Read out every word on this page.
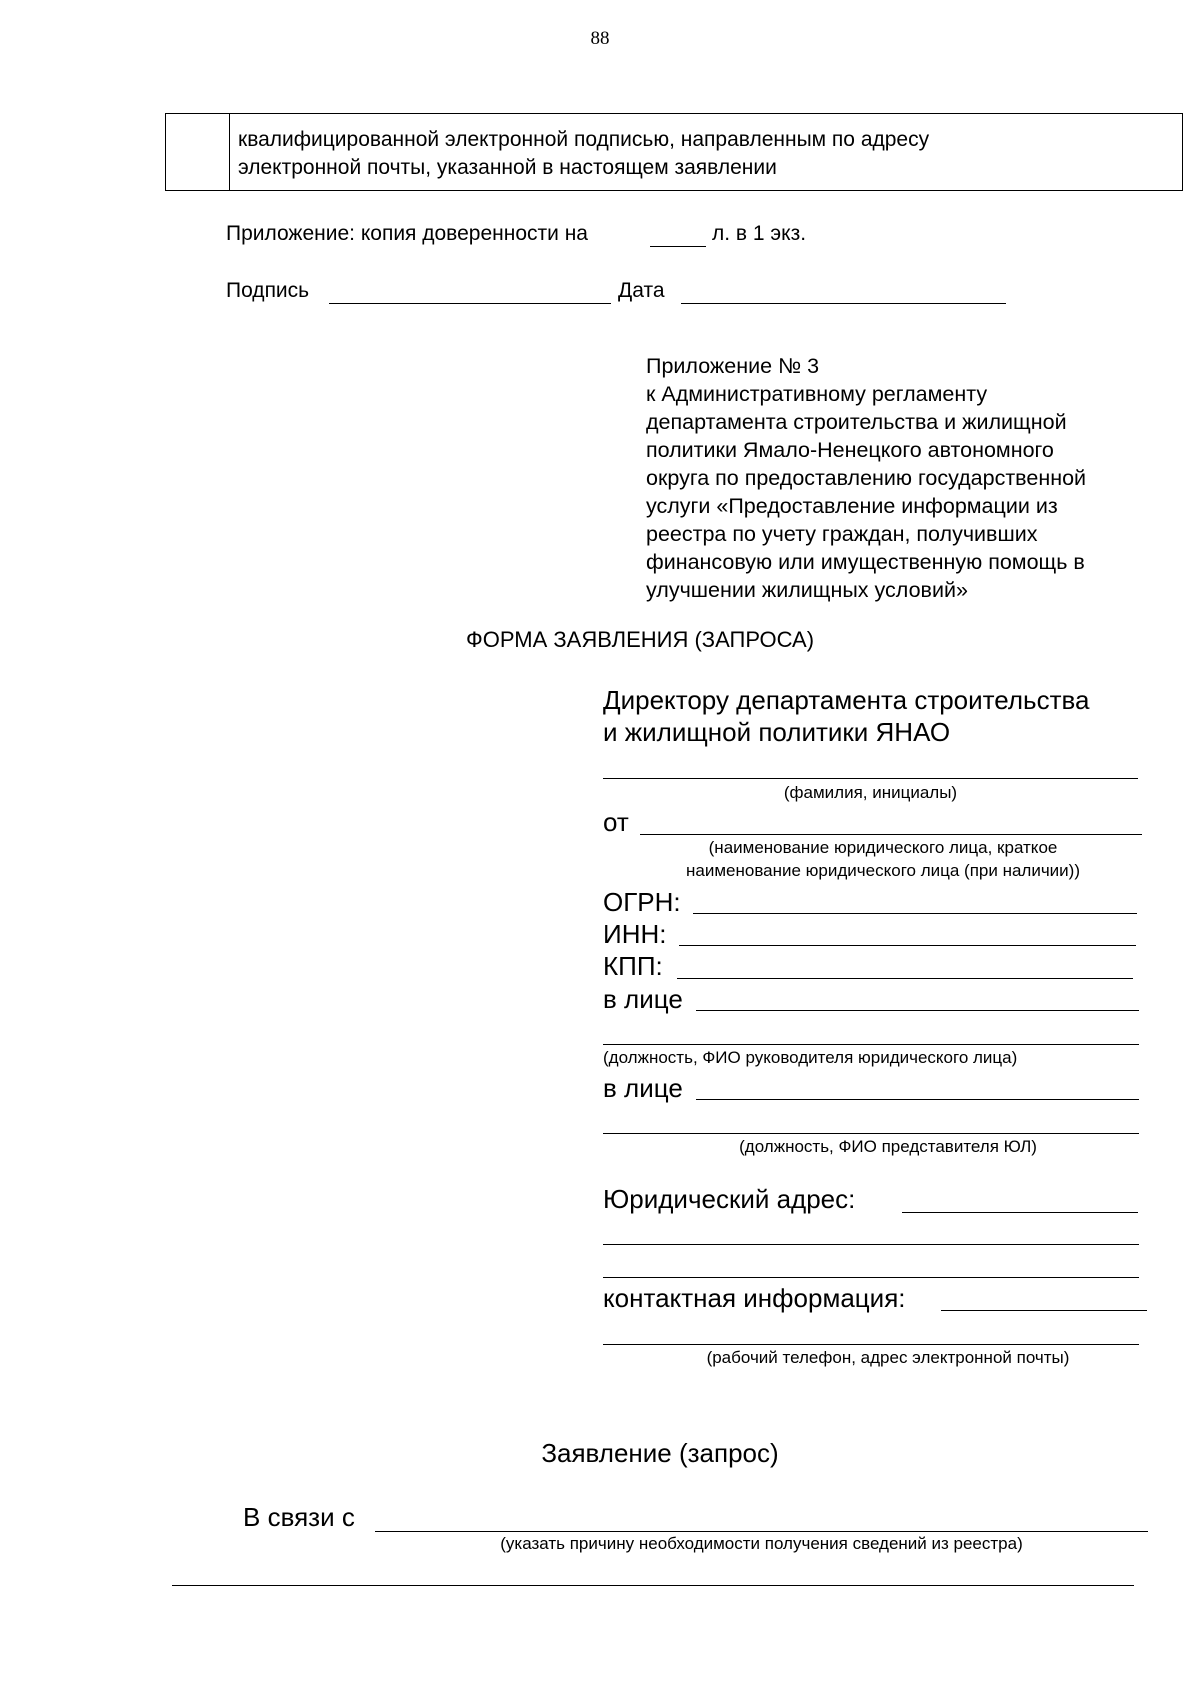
88
квалифицированной электронной подписью, направленным по адресу
электронной почты, указанной в настоящем заявлении
Приложение: копия доверенности на	л. в 1 экз.
Подпись	Дата
Приложение № 3
к Административному регламенту
департамента строительства и жилищной
политики Ямало-Ненецкого автономного
округа по предоставлению государственной
услуги «Предоставление информации из
реестра по учету граждан, получивших
финансовую или имущественную помощь в
улучшении жилищных условий»
ФОРМА ЗАЯВЛЕНИЯ (ЗАПРОСА)
Директору департамента строительства
и жилищной политики ЯНАО
(фамилия, инициалы)
от
(наименование юридического лица, краткое
наименование юридического лица (при наличии))
ОГРН:
ИНН:
КПП:
в лице
(должность, ФИО руководителя юридического лица)
в лице
(должность, ФИО представителя ЮЛ)
Юридический адрес:
контактная информация:
(рабочий телефон, адрес электронной почты)
Заявление (запрос)
В связи с
(указать причину необходимости получения сведений из реестра)
